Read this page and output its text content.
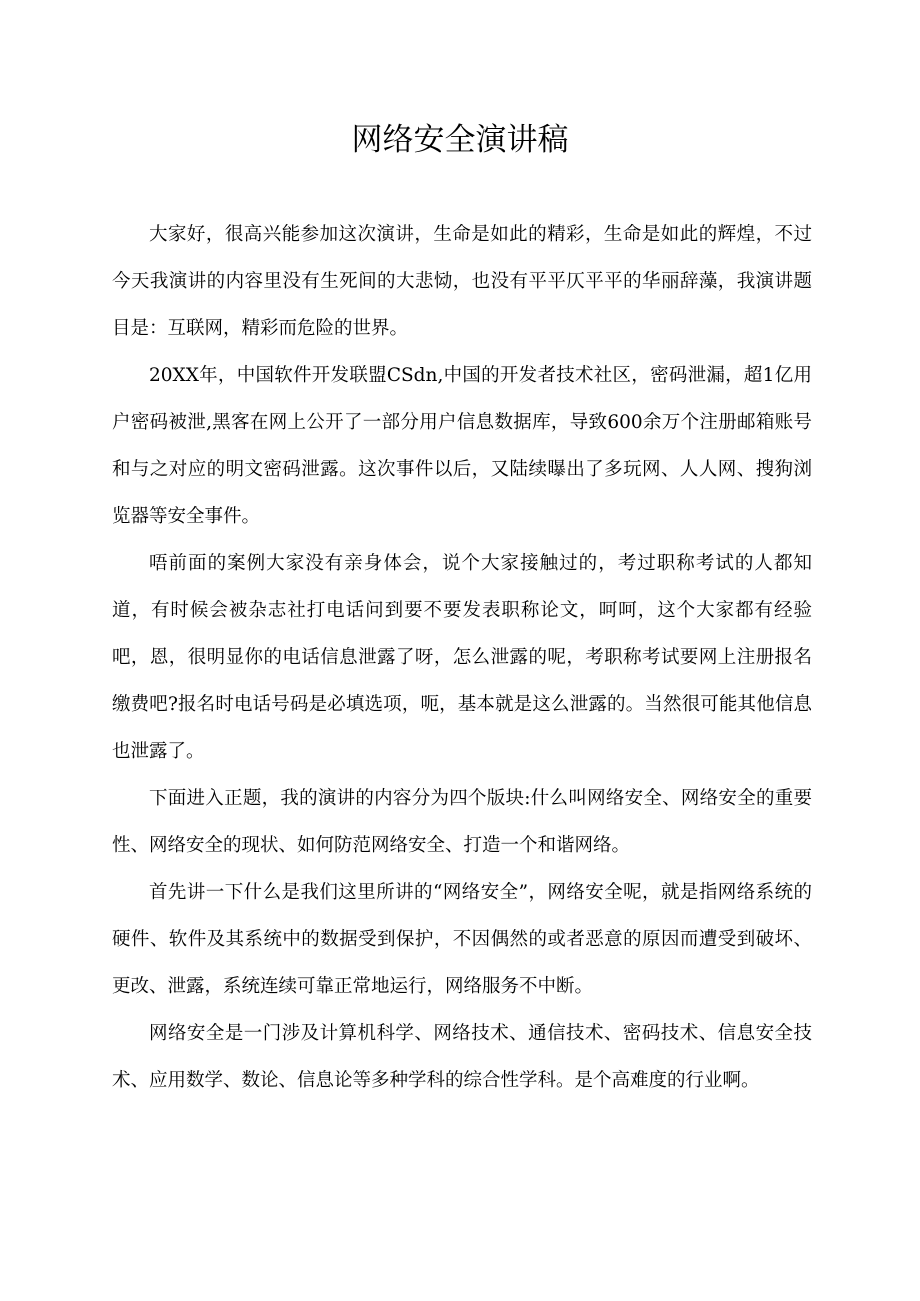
网络安全演讲稿

大家好，很高兴能参加这次演讲，生命是如此的精彩，生命是如此的辉煌，不过今天我演讲的内容里没有生死间的大悲恸，也没有平平仄平平的华丽辞藻，我演讲题目是：互联网，精彩而危险的世界。

20XX年，中国软件开发联盟CSdn,中国的开发者技术社区，密码泄漏，超1亿用户密码被泄,黑客在网上公开了一部分用户信息数据库，导致600余万个注册邮箱账号和与之对应的明文密码泄露。这次事件以后，又陆续曝出了多玩网、人人网、搜狗浏览器等安全事件。

唔前面的案例大家没有亲身体会，说个大家接触过的，考过职称考试的人都知道，有时候会被杂志社打电话问到要不要发表职称论文，呵呵，这个大家都有经验吧，恩，很明显你的电话信息泄露了呀，怎么泄露的呢，考职称考试要网上注册报名缴费吧?报名时电话号码是必填选项，呃，基本就是这么泄露的。当然很可能其他信息也泄露了。

下面进入正题，我的演讲的内容分为四个版块:什么叫网络安全、网络安全的重要性、网络安全的现状、如何防范网络安全、打造一个和谐网络。

首先讲一下什么是我们这里所讲的“网络安全”，网络安全呢，就是指网络系统的硬件、软件及其系统中的数据受到保护，不因偶然的或者恶意的原因而遭受到破坏、更改、泄露，系统连续可靠正常地运行，网络服务不中断。

网络安全是一门涉及计算机科学、网络技术、通信技术、密码技术、信息安全技术、应用数学、数论、信息论等多种学科的综合性学科。是个高难度的行业啊。
